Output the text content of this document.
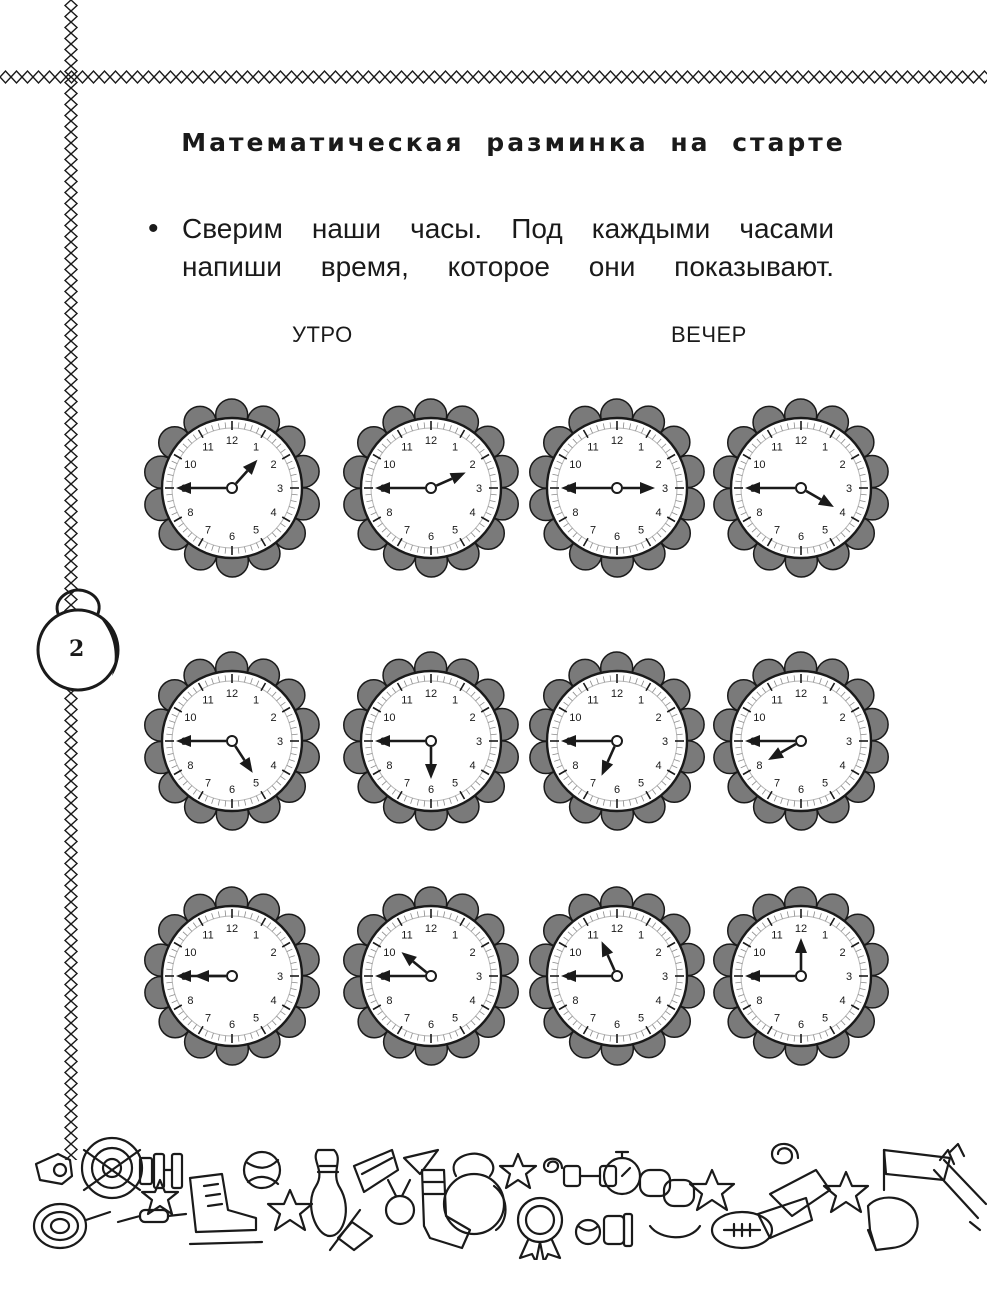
Математическая разминка на старте
• Сверим наши часы. Под каждыми часами напиши время, которое они показывают.
УТРО	ВЕЧЕР
12
1
2
3
4
5
6
7
8
10
11
12
1
2
3
4
5
6
7
8
10
11
12
1
2
3
4
5
6
7
8
10
11
12
1
2
3
4
5
6
7
8
10
11
12
1
2
3
4
5
6
7
8
10
11
12
1
2
3
4
5
6
7
8
10
11
12
1
2
3
4
5
6
7
8
10
11
12
1
2
3
4
5
6
7
8
10
11
12
1
2
3
4
5
6
7
8
10
11
12
1
2
3
4
5
6
7
8
10
11
12
1
2
3
4
5
6
7
8
10
11
12
1
2
3
4
5
6
7
8
10
11
2
